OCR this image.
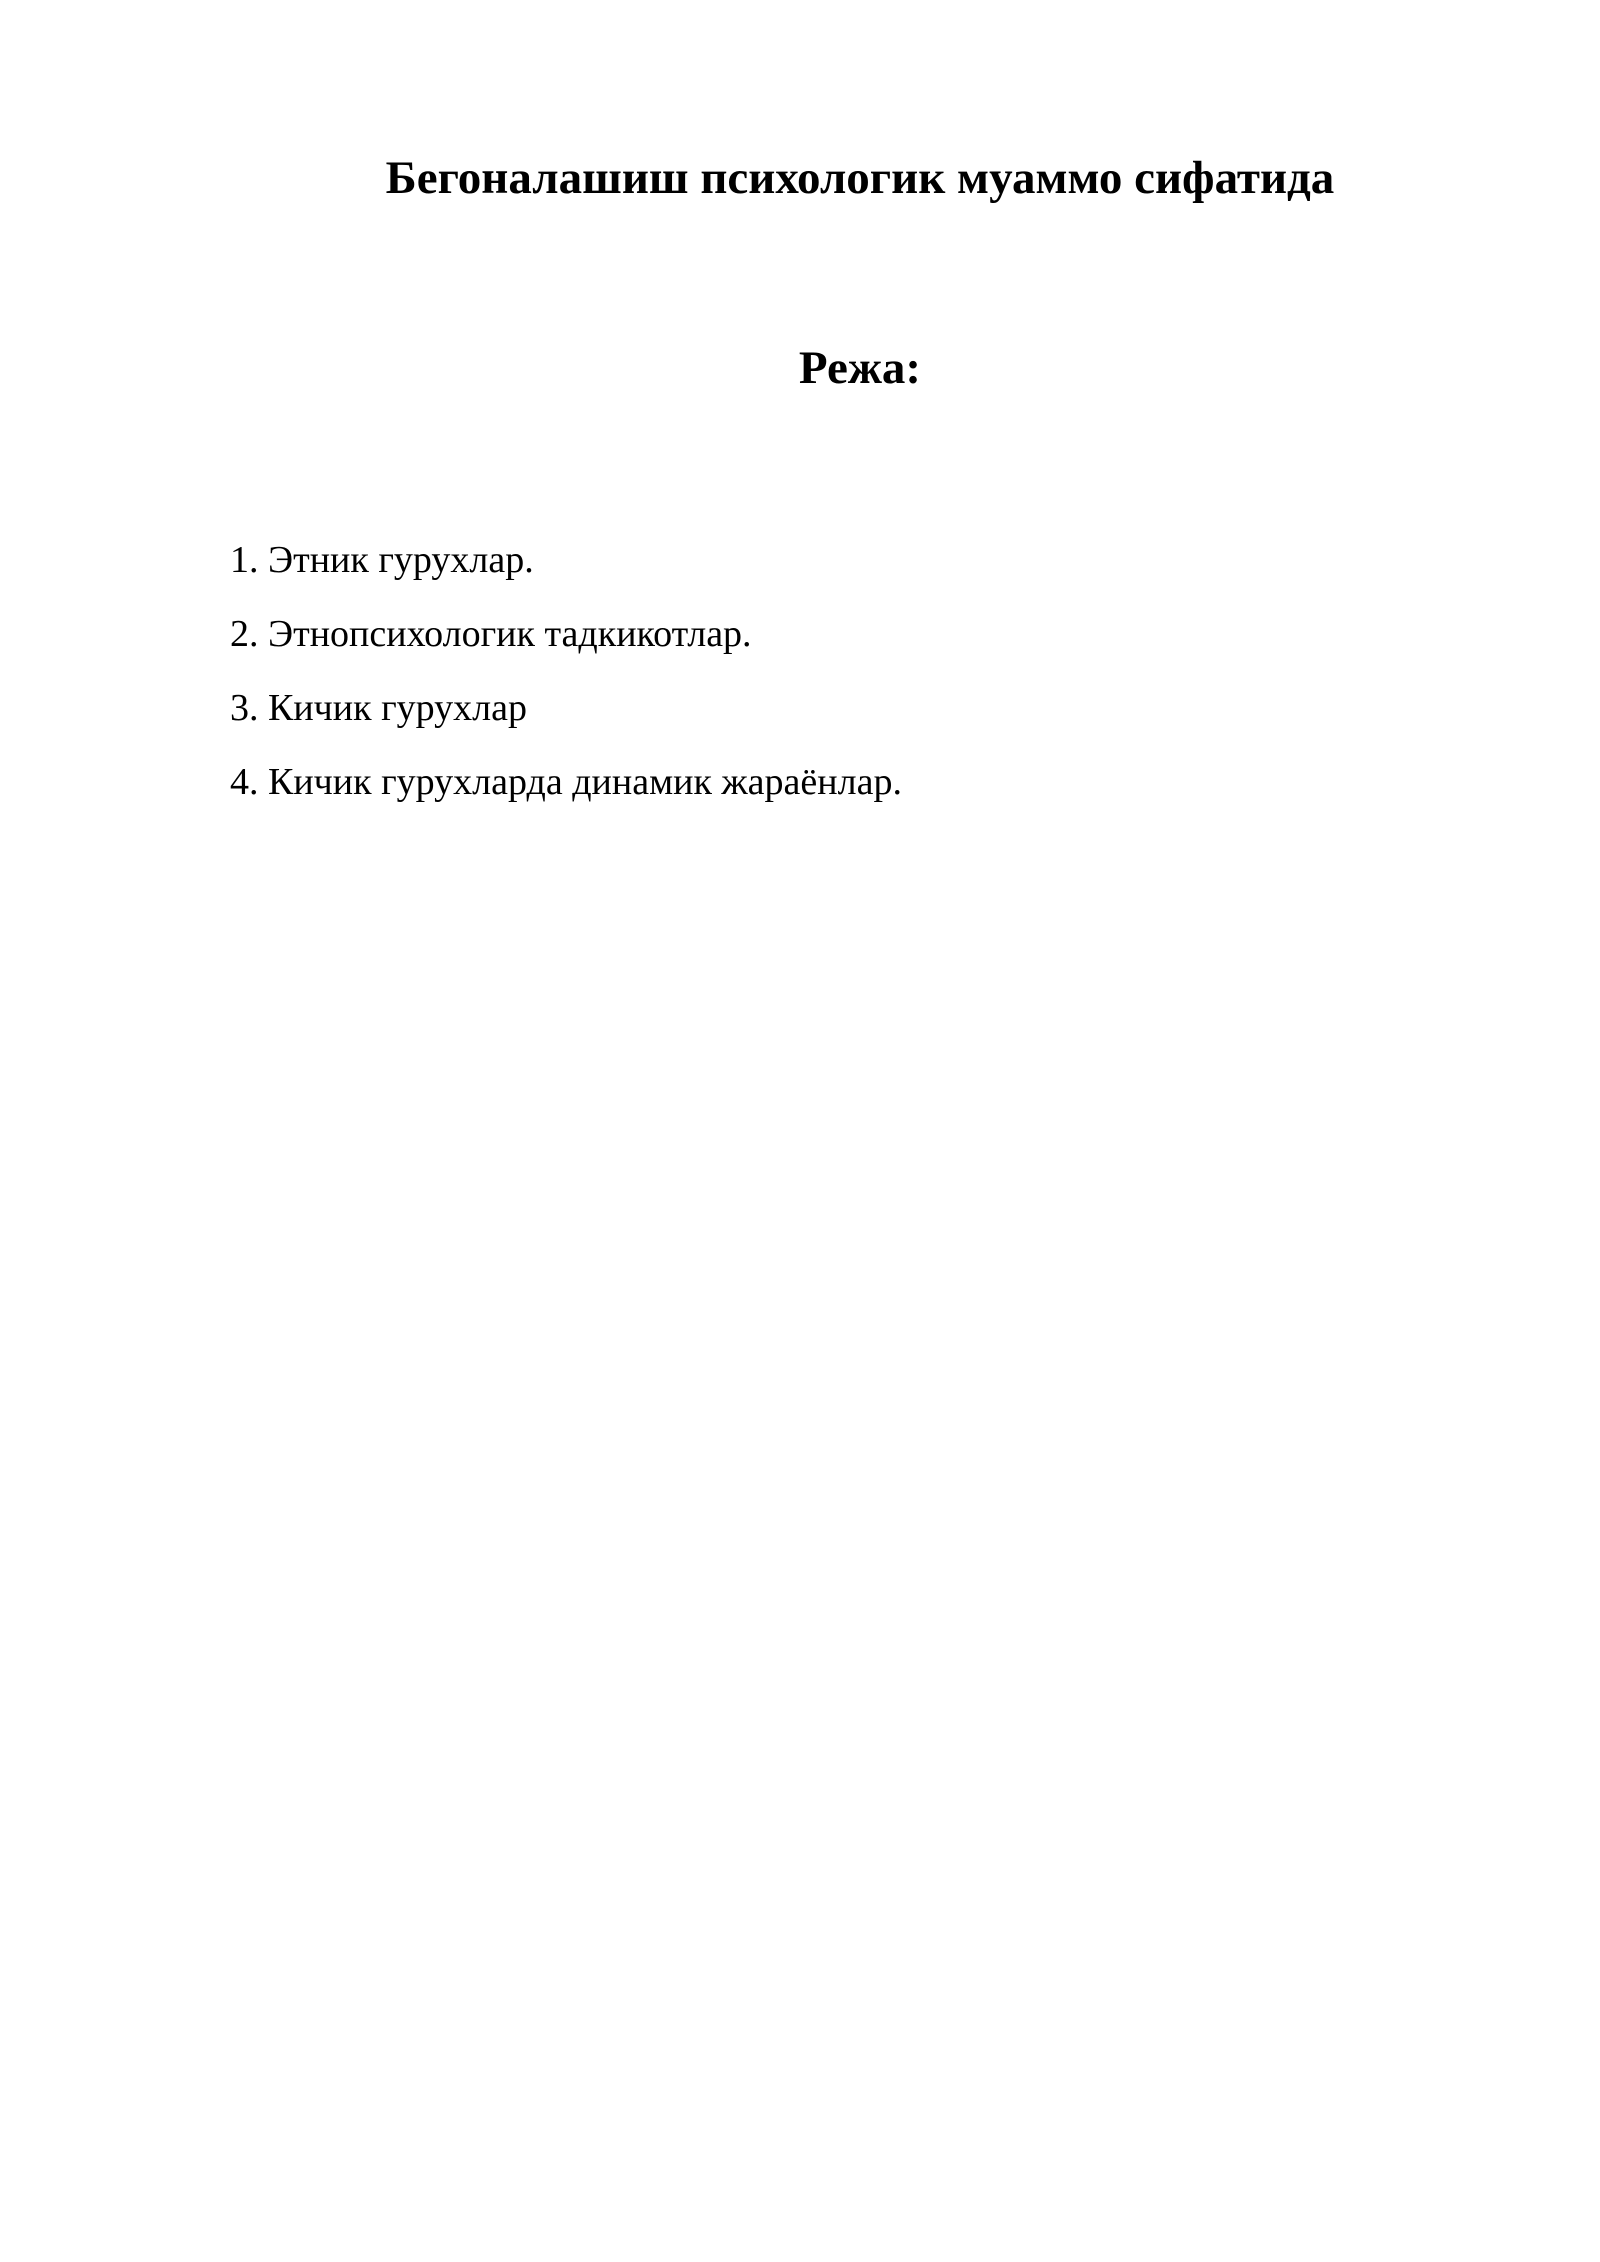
Бегоналашиш психологик муаммо сифатида
Режа:
1. Этник гурухлар.
2. Этнопсихологик тадкикотлар.
3. Кичик гурухлар
4. Кичик гурухларда динамик жараёнлар.
